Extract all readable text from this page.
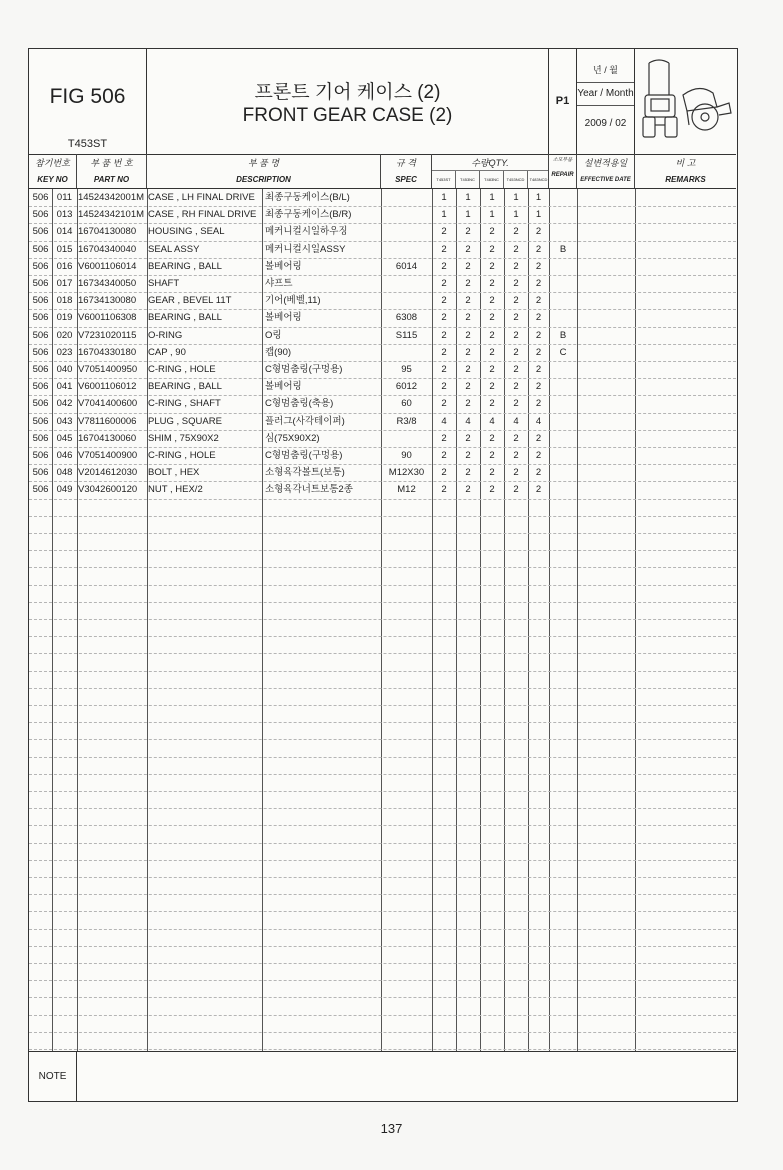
FIG 506
T453ST
프론트 기어 케이스 (2)
FRONT GEAR CASE (2)
P1
년 / 월
Year / Month
2009 / 02
참기번호
KEY NO
부 품 번 호
PART NO
부 품 명
DESCRIPTION
규 격
SPEC
수량QTY.
T453ST	T453NC	T483NC	T453NCD	T483NCD
소모부품
REPAIR
설변적용일
EFFECTIVE DATE
비 고
REMARKS
506 011 14524342001M CASE , LH FINAL DRIVE	최종구동케이스(B/L)	1	1	1	1	1
506 013 14524342101M CASE , RH FINAL DRIVE 최종구동케이스(B/R)	1	1	1	1	1
506 014 16704130080	HOUSING , SEAL	메커니컬시일하우징	2	2	2	2	2
506 015 16704340040	SEAL ASSY	메커니컬시일ASSY	2	2	2	2	2	B
506 016 V6001106014	BEARING , BALL	볼베어링	6014	2	2	2	2	2
506 017 16734340050	SHAFT	샤프트	2	2	2	2	2
506 018 16734130080	GEAR , BEVEL 11T	기어(베벨,11)	2	2	2	2	2
506 019 V6001106308	BEARING , BALL	볼베어링	6308	2	2	2	2	2
506 020 V7231020115	O-RING	O링	S115	2	2	2	2	2	B
506 023 16704330180	CAP , 90	캡(90)	2	2	2	2	2	C
506 040 V7051400950	C-RING , HOLE	C형멈춤링(구멍용)	95	2	2	2	2	2
506 041 V6001106012	BEARING , BALL	볼베어링	6012	2	2	2	2	2
506 042 V7041400600	C-RING , SHAFT	C형멈춤링(축용)	60	2	2	2	2	2
506 043 V7811600006	PLUG , SQUARE	플러그(사각테이퍼)	R3/8	4	4	4	4	4
506 045 16704130060	SHIM , 75X90X2	심(75X90X2)	2	2	2	2	2
506 046 V7051400900	C-RING , HOLE	C형멈춤링(구멍용)	90	2	2	2	2	2
506 048 V2014612030	BOLT , HEX	소형육각볼트(보통)	M12X30	2	2	2	2	2
506 049 V3042600120	NUT , HEX/2	소형육각너트보통2종	M12	2	2	2	2	2
NOTE
137
